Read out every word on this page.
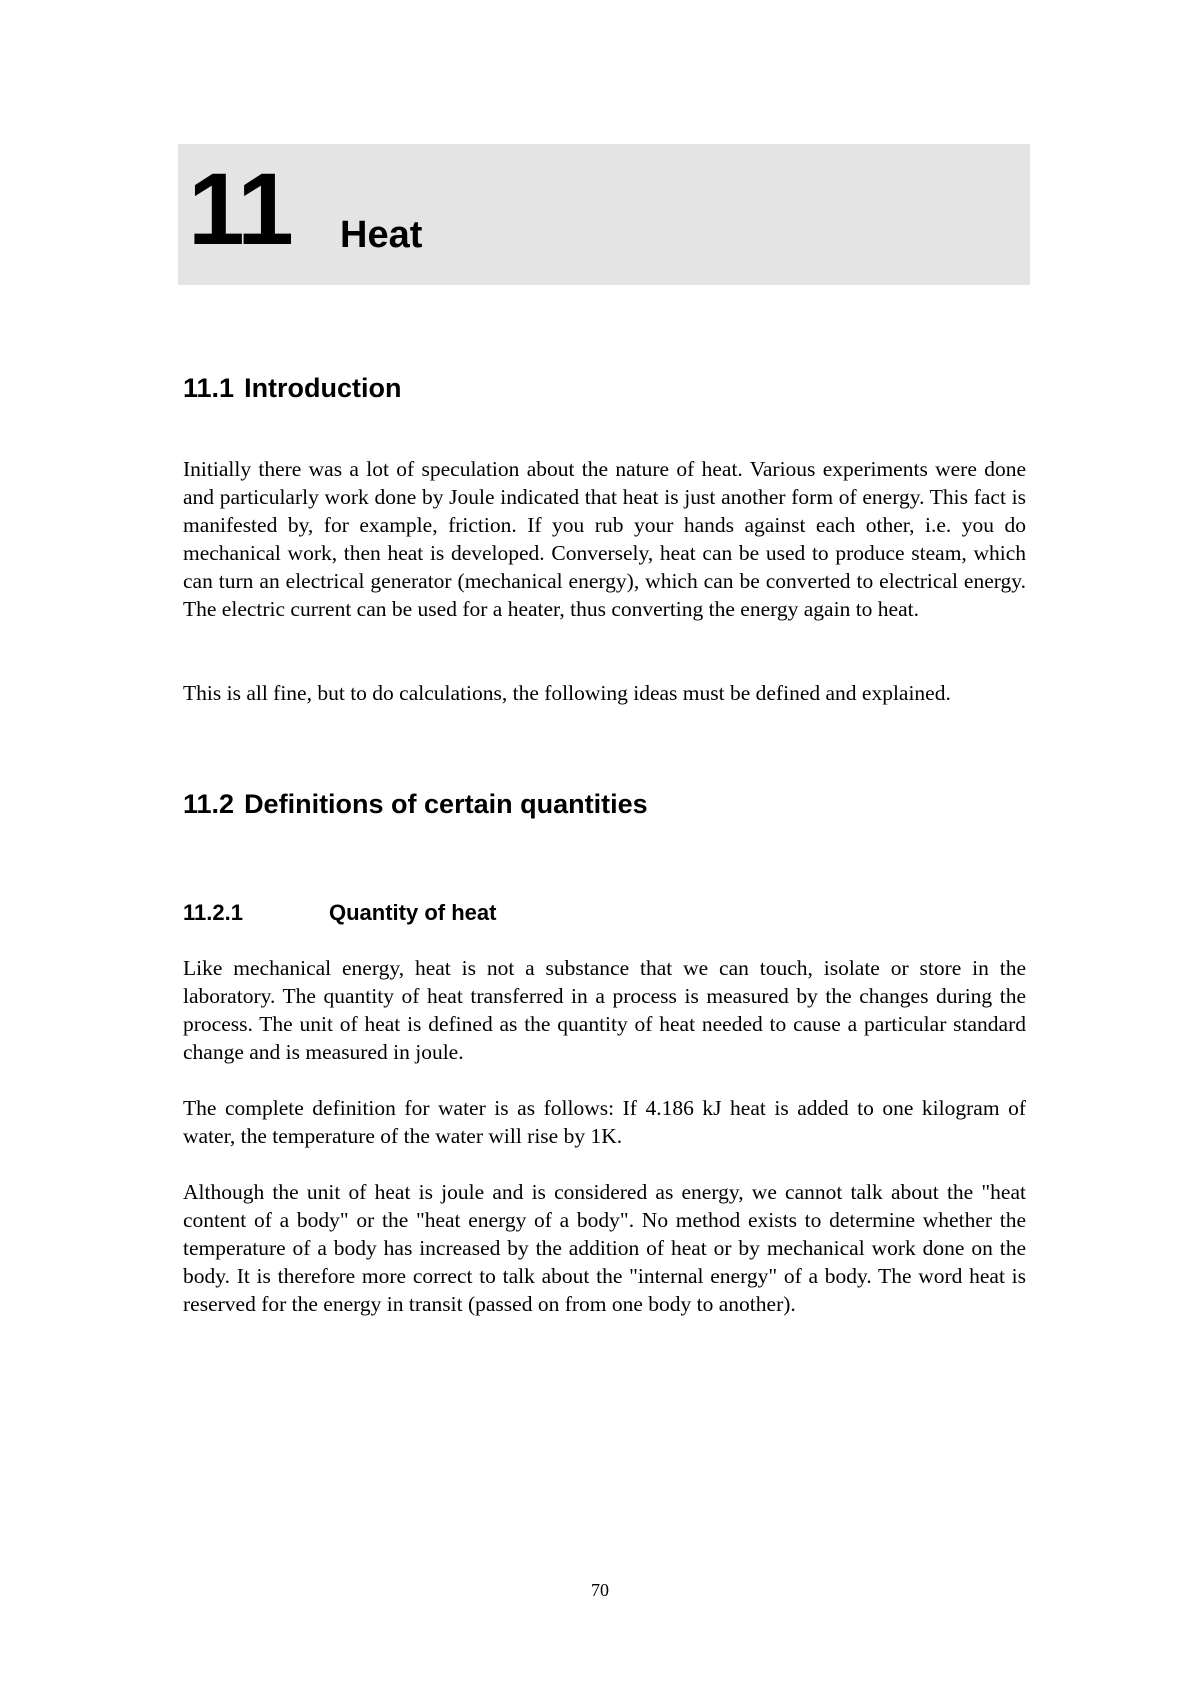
11 Heat
11.1 Introduction

Initially there was a lot of speculation about the nature of heat. Various experiments were done and particularly work done by Joule indicated that heat is just another form of energy. This fact is manifested by, for example, friction. If you rub your hands against each other, i.e. you do mechanical work, then heat is developed. Conversely, heat can be used to produce steam, which can turn an electrical generator (mechanical energy), which can be converted to electrical energy. The electric current can be used for a heater, thus converting the energy again to heat.

This is all fine, but to do calculations, the following ideas must be defined and explained.

11.2 Definitions of certain quantities
11.2.1	Quantity of heat

Like mechanical energy, heat is not a substance that we can touch, isolate or store in the laboratory. The quantity of heat transferred in a process is measured by the changes during the process. The unit of heat is defined as the quantity of heat needed to cause a particular standard change and is measured in joule.

The complete definition for water is as follows: If 4.186 kJ heat is added to one kilogram of water, the temperature of the water will rise by 1K.

Although the unit of heat is joule and is considered as energy, we cannot talk about the "heat content of a body" or the "heat energy of a body". No method exists to determine whether the temperature of a body has increased by the addition of heat or by mechanical work done on the body. It is therefore more correct to talk about the "internal energy" of a body. The word heat is reserved for the energy in transit (passed on from one body to another).

70
